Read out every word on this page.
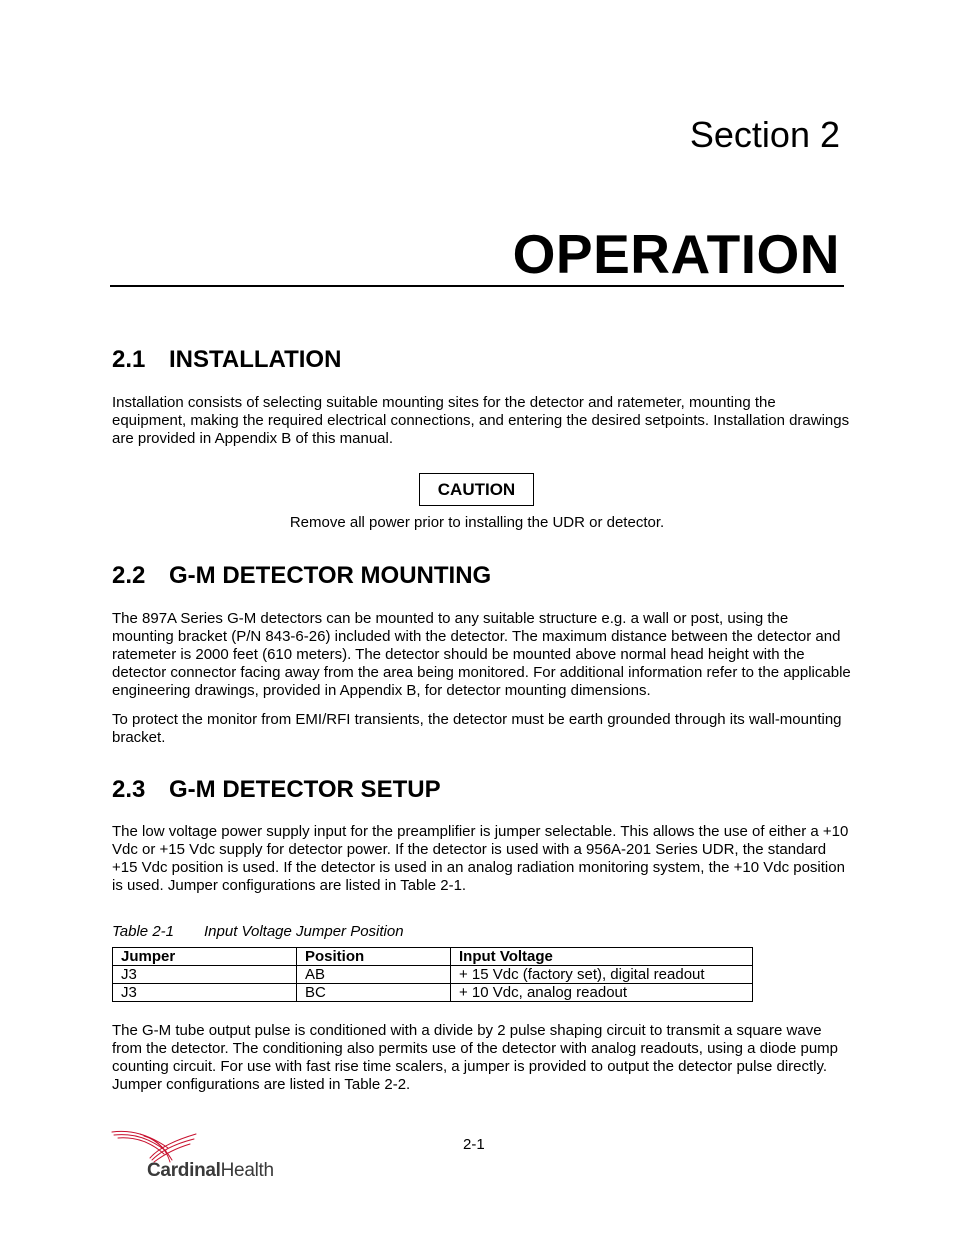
Section 2
OPERATION
2.1 INSTALLATION

Installation consists of selecting suitable mounting sites for the detector and ratemeter, mounting the equipment, making the required electrical connections, and entering the desired setpoints. Installation drawings are provided in Appendix B of this manual.

CAUTION
Remove all power prior to installing the UDR or detector.
2.2 G-M DETECTOR MOUNTING

The 897A Series G-M detectors can be mounted to any suitable structure e.g. a wall or post, using the mounting bracket (P/N 843-6-26) included with the detector. The maximum distance between the detector and ratemeter is 2000 feet (610 meters). The detector should be mounted above normal head height with the detector connector facing away from the area being monitored. For additional information refer to the applicable engineering drawings, provided in Appendix B, for detector mounting dimensions.

To protect the monitor from EMI/RFI transients, the detector must be earth grounded through its wall-mounting bracket.

2.3 G-M DETECTOR SETUP

The low voltage power supply input for the preamplifier is jumper selectable. This allows the use of either a +10 Vdc or +15 Vdc supply for detector power. If the detector is used with a 956A-201 Series UDR, the standard +15 Vdc position is used. If the detector is used in an analog radiation monitoring system, the +10 Vdc position is used. Jumper configurations are listed in Table 2-1.

Table 2-1 Input Voltage Jumper Position
Jumper	Position	Input Voltage
J3	AB	+ 15 Vdc (factory set), digital readout
J3	BC	+ 10 Vdc, analog readout

The G-M tube output pulse is conditioned with a divide by 2 pulse shaping circuit to transmit a square wave from the detector. The conditioning also permits use of the detector with analog readouts, using a diode pump counting circuit. For use with fast rise time scalers, a jumper is provided to output the detector pulse directly. Jumper configurations are listed in Table 2-2.

2-1
CardinalHealth
